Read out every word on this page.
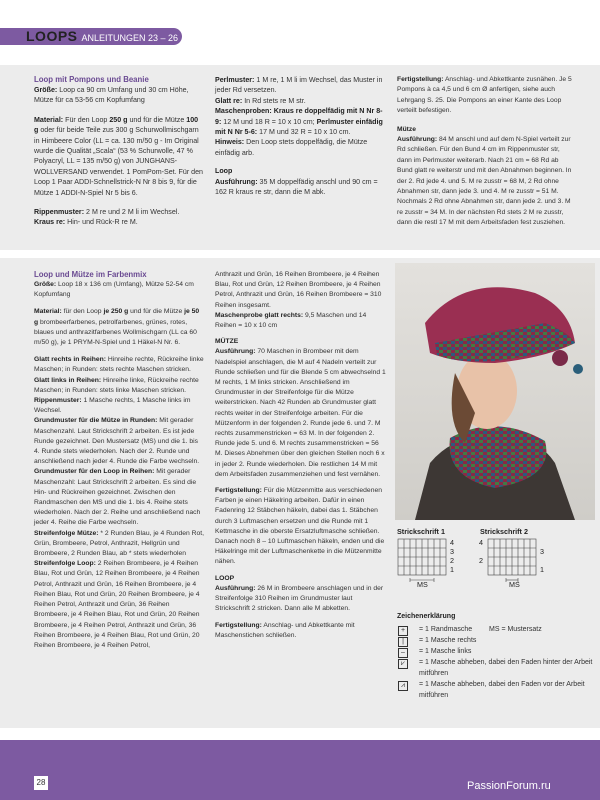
LOOPS ANLEITUNGEN 23 – 26
Loop mit Pompons und Beanie

Größe: Loop ca 90 cm Umfang und 30 cm Höhe, Mütze für ca 53-56 cm Kopfumfang

Material: Für den Loop 250 g und für die Mütze 100 g oder für beide Teile zus 300 g Schurwollmischgarn in Himbeere Color (LL = ca. 130 m/50 g - Im Original wurde die Qualität „Scala“ (53 % Schurwolle, 47 % Polyacryl, LL = 135 m/50 g) von JUNGHANS-WOLLVERSAND verwendet. 1 PomPom-Set. Für den Loop 1 Paar ADDI-Schnellstrick-N Nr 8 bis 9, für die Mütze 1 ADDI-N-Spiel Nr 5 bis 6.

Rippenmuster: 2 M re und 2 M li im Wechsel.
Kraus re: Hin- und Rück-R re M.

Perlmuster: 1 M re, 1 M li im Wechsel, das Muster in jeder Rd versetzen.
Glatt re: In Rd stets re M str.
Maschenproben: Kraus re doppelfädig mit N Nr 8-9: 12 M und 18 R = 10 x 10 cm; Perlmuster einfädig mit N Nr 5-6: 17 M und 32 R = 10 x 10 cm.
Hinweis: Den Loop stets doppelfädig, die Mütze einfädig arb.

Loop
Ausführung: 35 M doppelfädig anschl und 90 cm = 162 R kraus re str, dann die M abk.

Fertigstellung: Anschlag- und Abkettkante zusnähen. Je 5 Pompons à ca 4,5 und 6 cm Ø anfertigen, siehe auch Lehrgang S. 25. Die Pompons an einer Kante des Loop verteilt befestigen.

Mütze
Ausführung: 84 M anschl und auf dem N-Spiel verteilt zur Rd schließen. Für den Bund 4 cm im Rippenmuster str, dann im Perlmuster weiterarb. Nach 21 cm = 68 Rd ab Bund glatt re weiterstr und mit den Abnahmen beginnen. In der 2. Rd jede 4. und 5. M re zusstr = 68 M, 2 Rd ohne Abnahmen str, dann jede 3. und 4. M re zusstr = 51 M. Nochmals 2 Rd ohne Abnahmen str, dann jede 2. und 3. M re zusstr = 34 M. In der nächsten Rd stets 2 M re zusstr, dann die restl 17 M mit dem Arbeitsfaden fest zusziehen.

Loop und Mütze im Farbenmix

Größe: Loop 18 x 136 cm (Umfang), Mütze 52-54 cm Kopfumfang

Material: für den Loop je 250 g und für die Mütze je 50 g brombeerfarbenes, petrolfarbenes, grünes, rotes, blaues und anthrazitfarbenes Wollmischgarn (LL ca 60 m/50 g), je 1 PRYM-N-Spiel und 1 Häkel-N Nr. 6.

Glatt rechts in Reihen: Hinreihe rechte, Rückreihe linke Maschen; in Runden: stets rechte Maschen stricken.
Glatt links in Reihen: Hinreihe linke, Rückreihe rechte Maschen; in Runden: stets linke Maschen stricken.
Rippenmuster: 1 Masche rechts, 1 Masche links im Wechsel.
Grundmuster für die Mütze in Runden: Mit gerader Maschenzahl. Laut Strickschrift 2 arbeiten. Es ist jede Runde gezeichnet. Den Mustersatz (MS) und die 1. bis 4. Runde stets wiederholen. Nach der 2. Runde und anschließend nach jeder 4. Runde die Farbe wechseln.
Grundmuster für den Loop in Reihen: Mit gerader Maschenzahl: Laut Strickschrift 2 arbeiten. Es sind die Hin- und Rückreihen gezeichnet. Zwischen den Randmaschen den MS und die 1. bis 4. Reihe stets wiederholen. Nach der 2. Reihe und anschließend nach jeder 4. Reihe die Farbe wechseln.
Streifenfolge Mütze: * 2 Runden Blau, je 4 Runden Rot, Grün, Brombeere, Petrol, Anthrazit, Hellgrün und Brombeere, 2 Runden Blau, ab * stets wiederholen
Streifenfolge Loop: 2 Reihen Brombeere, je 4 Reihen Blau, Rot und Grün, 12 Reihen Brombeere, je 4 Reihen Petrol, Anthrazit und Grün, 16 Reihen Brombeere, je 4 Reihen Blau, Rot und Grün, 20 Reihen Brombeere, je 4 Reihen Petrol, Anthrazit und Grün, 36 Reihen Brombeere, je 4 Reihen Blau, Rot und Grün, 20 Reihen Brombeere, je 4 Reihen Petrol, Anthrazit und Grün, 36 Reihen Brombeere, je 4 Reihen Blau, Rot und Grün, 20 Reihen Brombeere, je 4 Reihen Petrol,

Anthrazit und Grün, 16 Reihen Brombeere, je 4 Reihen Blau, Rot und Grün, 12 Reihen Brombeere, je 4 Reihen Petrol, Anthrazit und Grün, 16 Reihen Brombeere = 310 Reihen insgesamt.
Maschenprobe glatt rechts: 9,5 Maschen und 14 Reihen = 10 x 10 cm

MÜTZE
Ausführung: 70 Maschen in Brombeer mit dem Nadelspiel anschlagen, die M auf 4 Nadeln verteilt zur Runde schließen und für die Blende 5 cm abwechselnd 1 M rechts, 1 M links stricken. Anschließend im Grundmuster in der Streifenfolge für die Mütze weiterstricken. Nach 42 Runden ab Grundmuster glatt rechts weiter in der Streifenfolge arbeiten. Für die Mützenform in der folgenden 2. Runde jede 6. und 7. M rechts zusammenstricken = 63 M. In der folgenden 2. Runde jede 5. und 6. M rechts zusammenstricken = 56 M. Dieses Abnehmen über den gleichen Stellen noch 6 x in jeder 2. Runde wiederholen. Die restlichen 14 M mit dem Arbeitsfaden zusammenziehen und fest vernähen.

Fertigstellung: Für die Mützenmitte aus verschiedenen Farben je einen Häkelring arbeiten. Dafür in einen Fadenring 12 Stäbchen häkeln, dabei das 1. Stäbchen durch 3 Luftmaschen ersetzen und die Runde mit 1 Kettmasche in die oberste Ersatzluftmasche schließen. Danach noch 8 – 10 Luftmaschen häkeln, enden und die Häkelringe mit der Luftmaschenkette in die Mützenmitte nähen.

LOOP
Ausführung: 26 M in Brombeere anschlagen und in der Streifenfolge 310 Reihen im Grundmuster laut Strickschrift 2 stricken. Dann alle M abketten.

Fertigstellung: Anschlag- und Abkettkante mit Maschenstichen schließen.

Strickschrift 1	Strickschrift 2
4
3
2
1
MS
4
2
3
1
MS
Zeichenerklärung
+	= 1 Randmasche MS = Mustersatz
|	= 1 Masche rechts
–	= 1 Masche links
⩗	= 1 Masche abheben, dabei den Faden hinter der Arbeit mitführen
⩘	= 1 Masche abheben, dabei den Faden vor der Arbeit mitführen
28	PassionForum.ru
